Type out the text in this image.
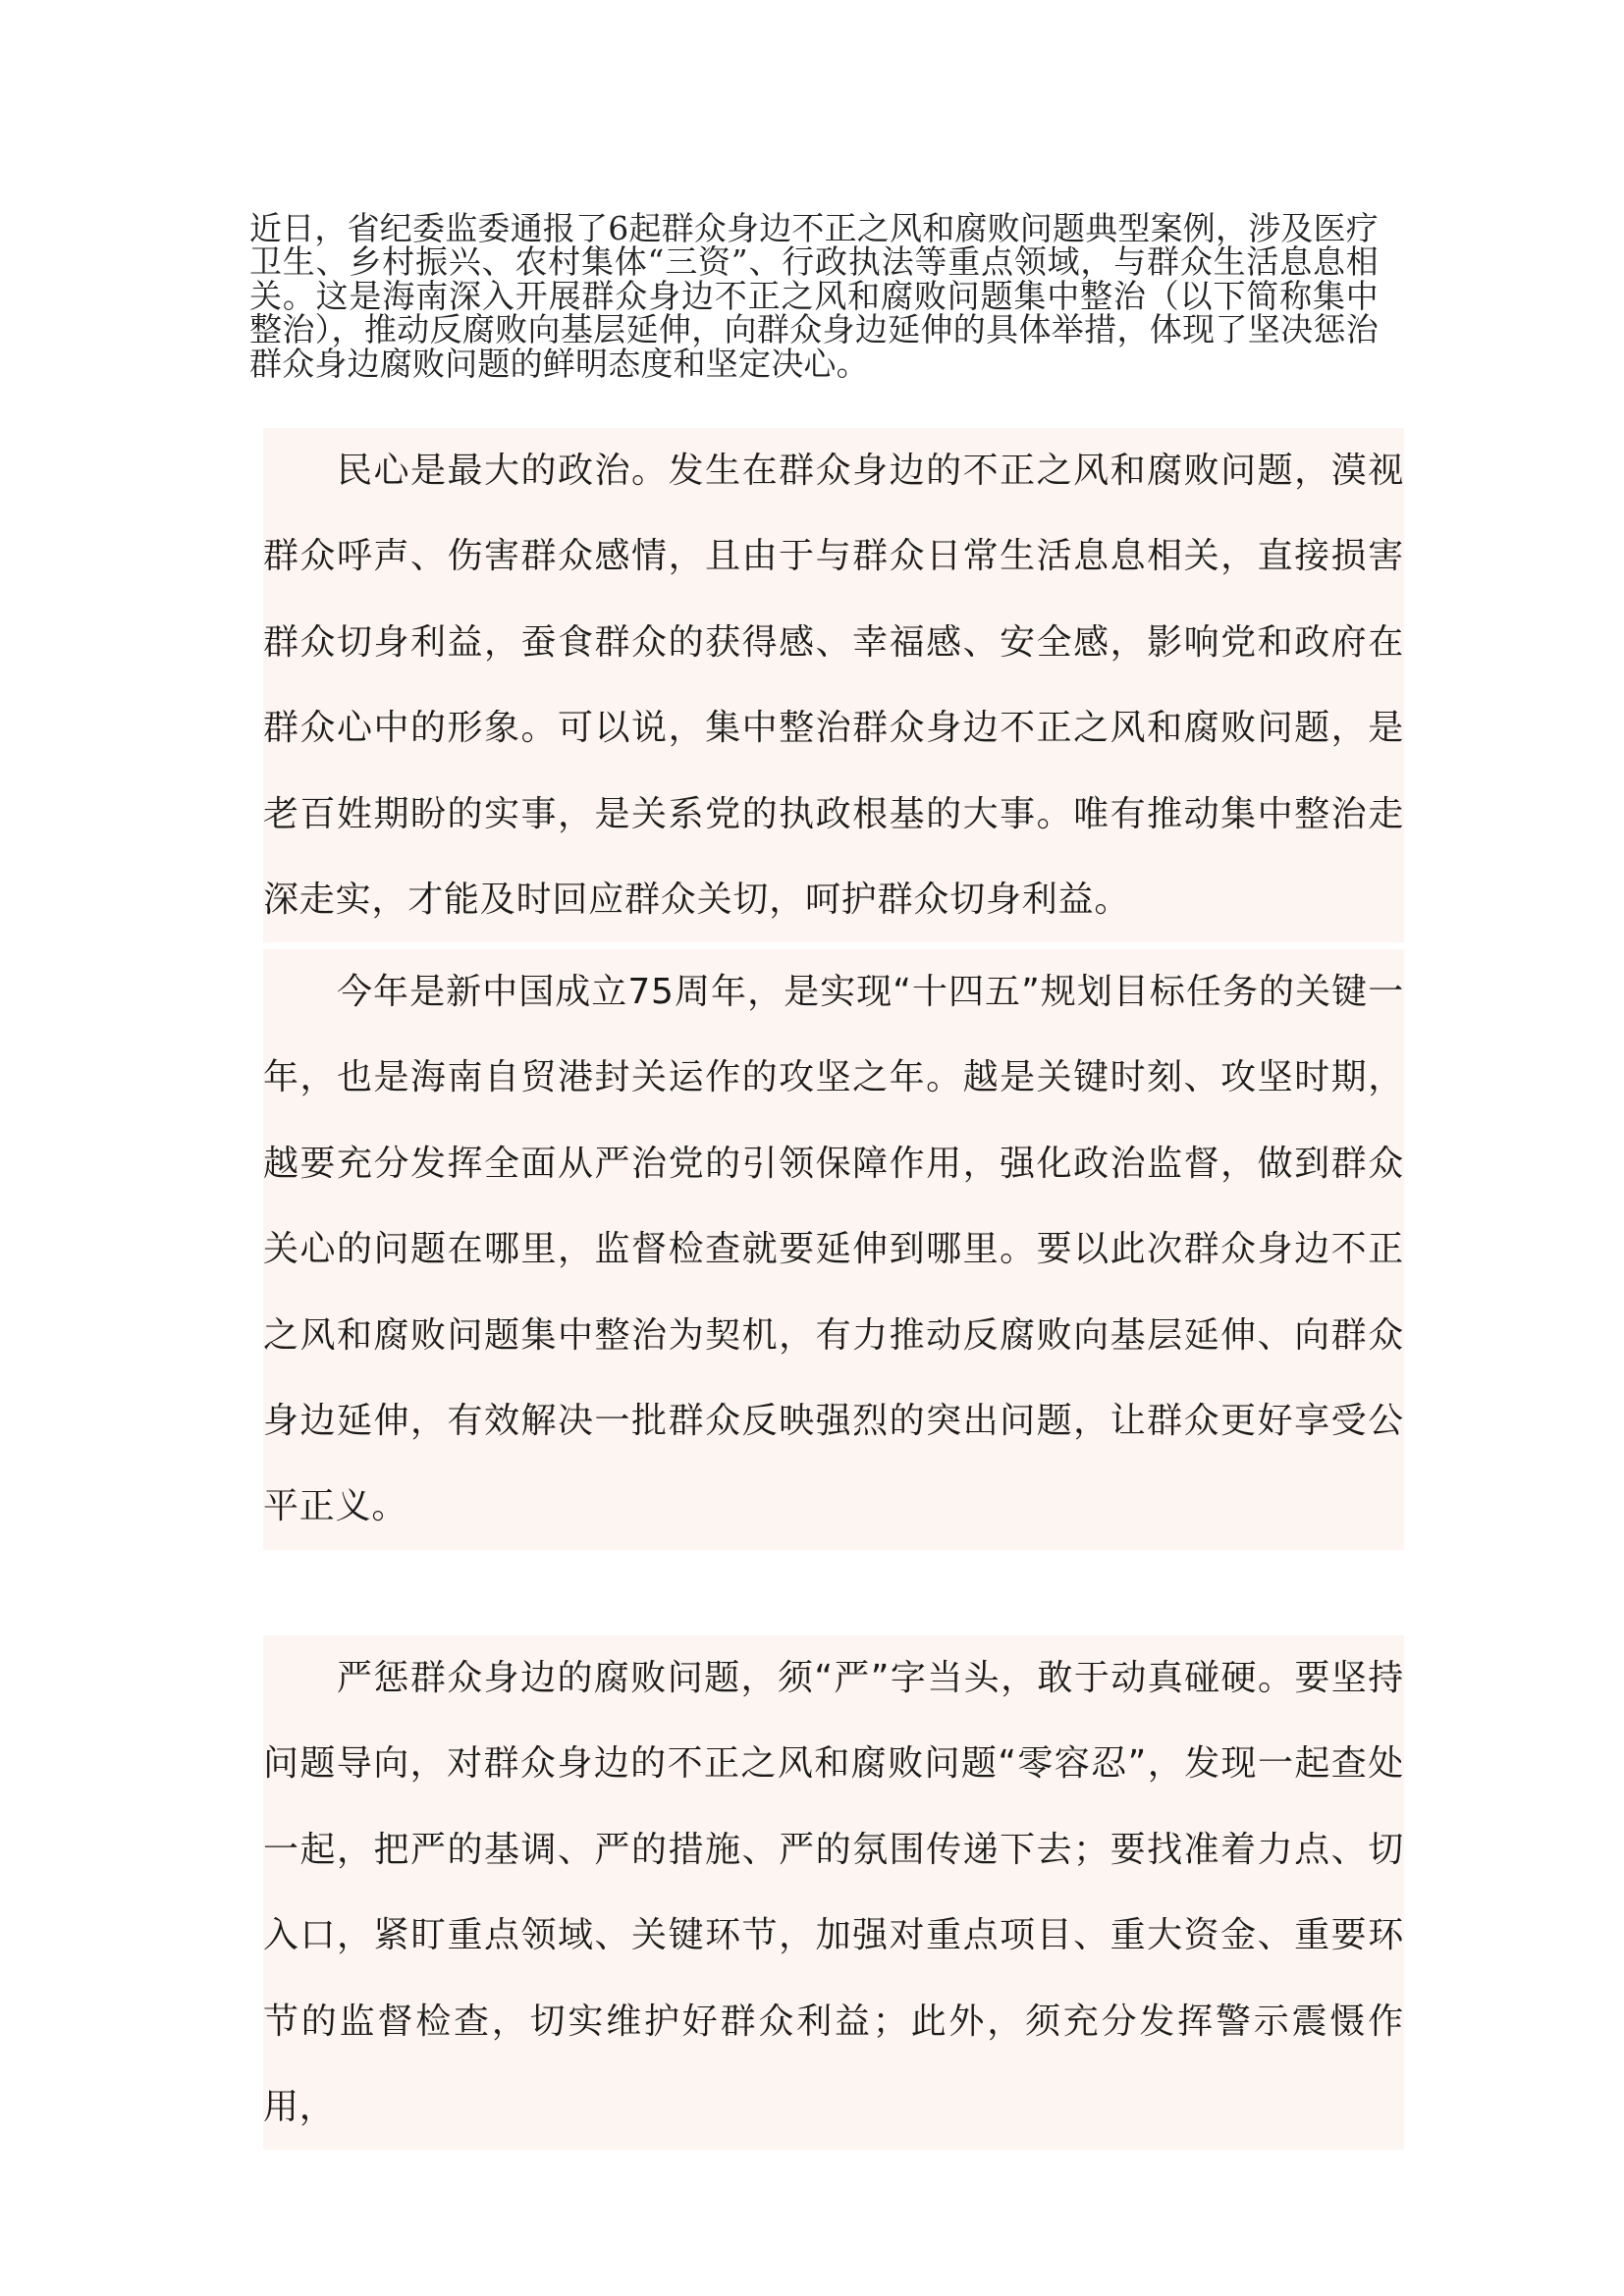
近日，省纪委监委通报了6起群众身边不正之风和腐败问题典型案例，涉及医疗卫生、乡村振兴、农村集体“三资”、行政执法等重点领域，与群众生活息息相关。这是海南深入开展群众身边不正之风和腐败问题集中整治（以下简称集中整治），推动反腐败向基层延伸，向群众身边延伸的具体举措，体现了坚决惩治群众身边腐败问题的鲜明态度和坚定决心。

民心是最大的政治。发生在群众身边的不正之风和腐败问题，漠视群众呼声、伤害群众感情，且由于与群众日常生活息息相关，直接损害群众切身利益，蚕食群众的获得感、幸福感、安全感，影响党和政府在群众心中的形象。可以说，集中整治群众身边不正之风和腐败问题，是老百姓期盼的实事，是关系党的执政根基的大事。唯有推动集中整治走深走实，才能及时回应群众关切，呵护群众切身利益。

今年是新中国成立75周年，是实现“十四五”规划目标任务的关键一年，也是海南自贸港封关运作的攻坚之年。越是关键时刻、攻坚时期，越要充分发挥全面从严治党的引领保障作用，强化政治监督，做到群众关心的问题在哪里，监督检查就要延伸到哪里。要以此次群众身边不正之风和腐败问题集中整治为契机，有力推动反腐败向基层延伸、向群众身边延伸，有效解决一批群众反映强烈的突出问题，让群众更好享受公平正义。

严惩群众身边的腐败问题，须“严”字当头，敢于动真碰硬。要坚持问题导向，对群众身边的不正之风和腐败问题“零容忍”，发现一起查处一起，把严的基调、严的措施、严的氛围传递下去；要找准着力点、切入口，紧盯重点领域、关键环节，加强对重点项目、重大资金、重要环节的监督检查，切实维护好群众利益；此外，须充分发挥警示震慑作用，
